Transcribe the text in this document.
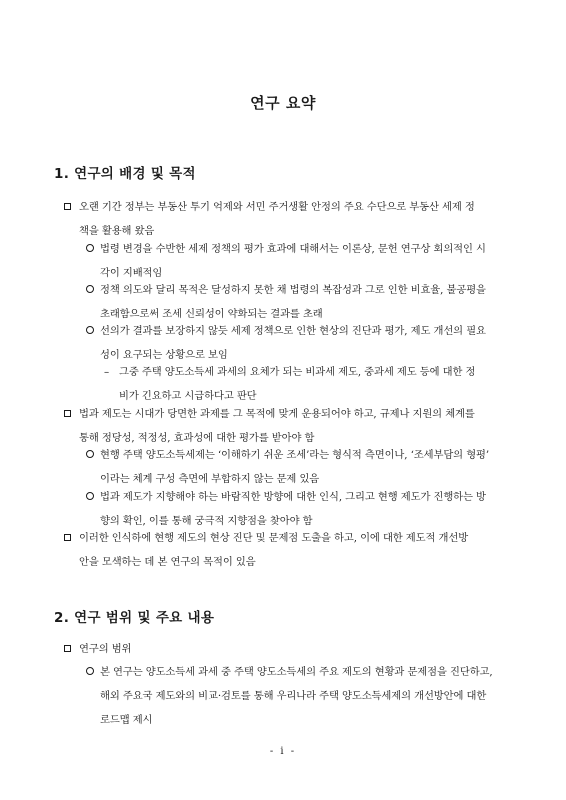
연구 요약
1. 연구의 배경 및 목적
오랜 기간 정부는 부동산 투기 억제와 서민 주거생활 안정의 주요 수단으로 부동산 세제 정
책을 활용해 왔음
법령 변경을 수반한 세제 정책의 평가 효과에 대해서는 이론상, 문헌 연구상 회의적인 시
각이 지배적임
정책 의도와 달리 목적은 달성하지 못한 채 법령의 복잡성과 그로 인한 비효율, 불공평을
초래함으로써 조세 신뢰성이 약화되는 결과를 초래
선의가 결과를 보장하지 않듯 세제 정책으로 인한 현상의 진단과 평가, 제도 개선의 필요
성이 요구되는 상황으로 보임
– 그중 주택 양도소득세 과세의 요체가 되는 비과세 제도, 중과세 제도 등에 대한 정
비가 긴요하고 시급하다고 판단
법과 제도는 시대가 당면한 과제를 그 목적에 맞게 운용되어야 하고, 규제나 지원의 체계를
통해 정당성, 적정성, 효과성에 대한 평가를 받아야 함
현행 주택 양도소득세제는 ‘이해하기 쉬운 조세’라는 형식적 측면이나, ‘조세부담의 형평’
이라는 체계 구성 측면에 부합하지 않는 문제 있음
법과 제도가 지향해야 하는 바람직한 방향에 대한 인식, 그리고 현행 제도가 진행하는 방
향의 확인, 이를 통해 궁극적 지향점을 찾아야 함
이러한 인식하에 현행 제도의 현상 진단 및 문제점 도출을 하고, 이에 대한 제도적 개선방
안을 모색하는 데 본 연구의 목적이 있음
2. 연구 범위 및 주요 내용
연구의 범위
본 연구는 양도소득세 과세 중 주택 양도소득세의 주요 제도의 현황과 문제점을 진단하고,
해외 주요국 제도와의 비교·검토를 통해 우리나라 주택 양도소득세제의 개선방안에 대한
로드맵 제시
- i -
